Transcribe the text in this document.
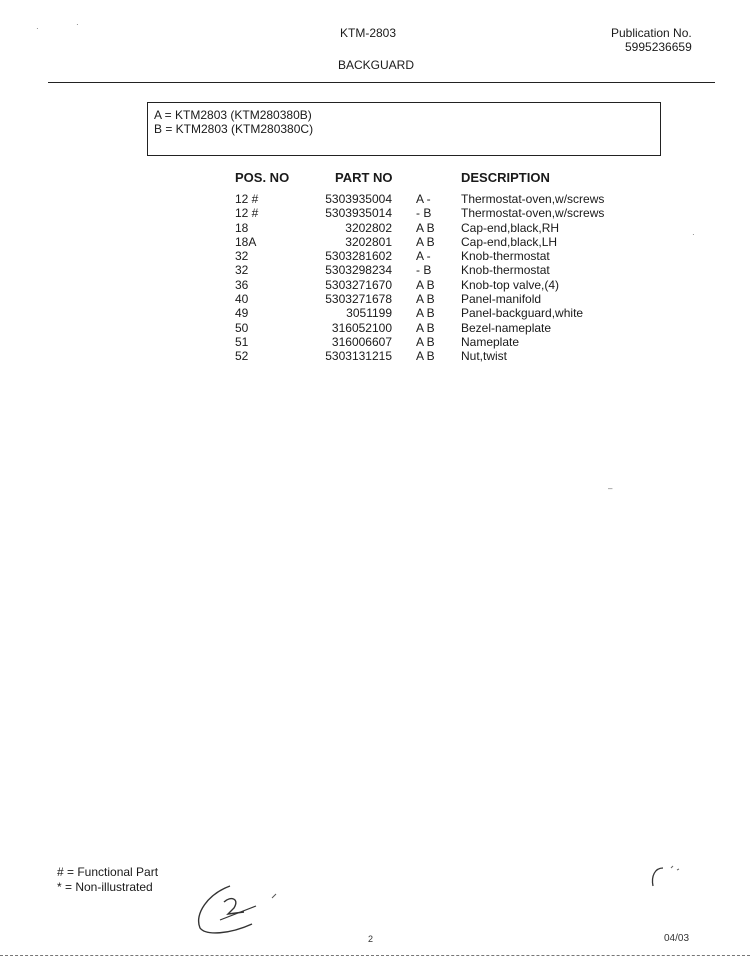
KTM-2803
BACKGUARD
Publication No.
5995236659
·	·
A = KTM2803 (KTM280380B)
B = KTM2803 (KTM280380C)
POS. NO	PART NO	DESCRIPTION
12 #	5303935004 A -	Thermostat-oven,w/screws
12 #	5303935014 - B Thermostat-oven,w/screws
18	3202802 A B Cap-end,black,RH
18A	3202801 A B Cap-end,black,LH
32	5303281602 A -	Knob-thermostat
32	5303298234 - B Knob-thermostat
36	5303271670 A B Knob-top valve,(4)
40	5303271678 A B Panel-manifold
49	3051199 A B Panel-backguard,white
50	316052100 A B Bezel-nameplate
51	316006607 A B Nameplate
52	5303131215 A B Nut,twist
·
–
# = Functional Part
* = Non-illustrated
2	04/03
